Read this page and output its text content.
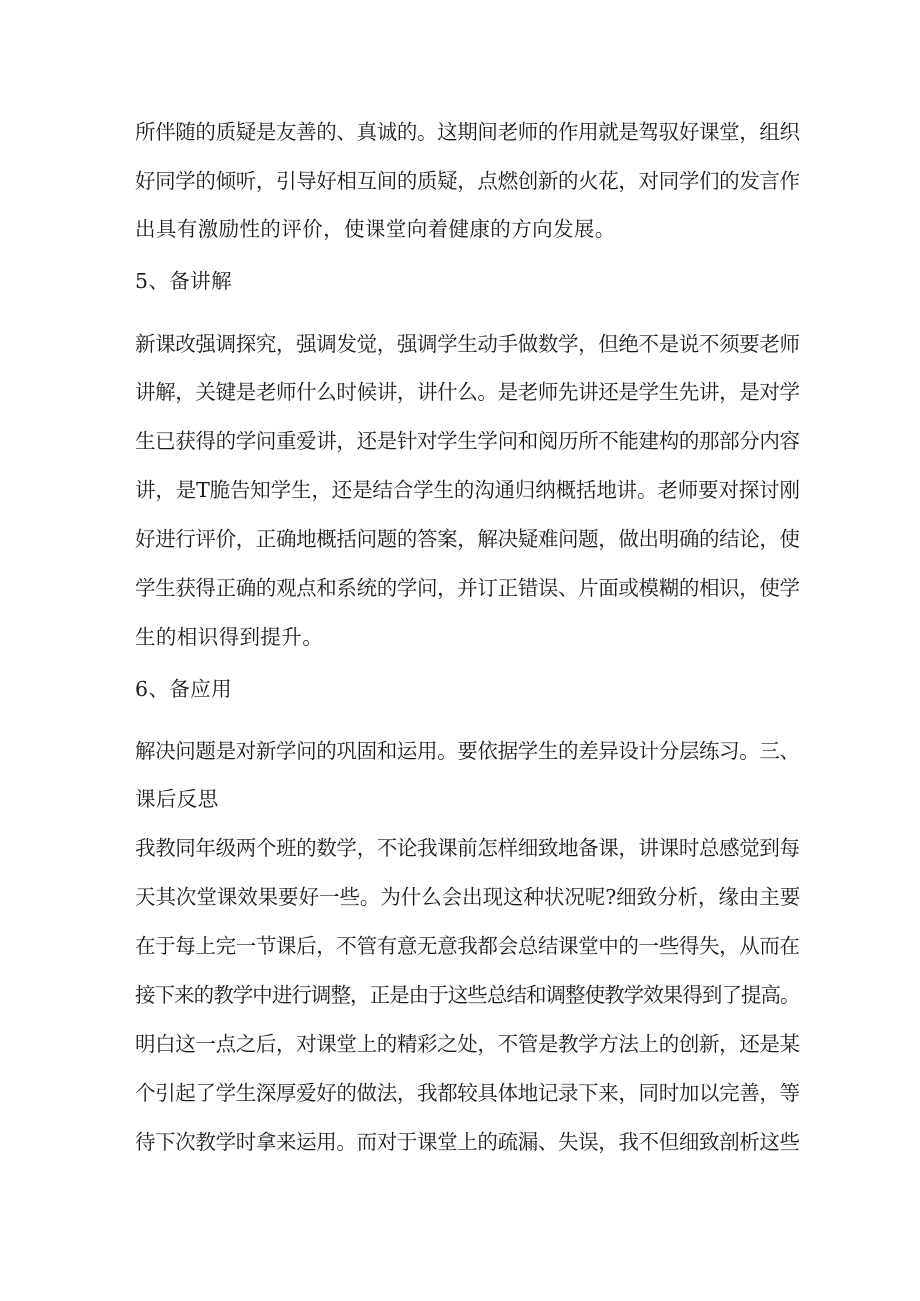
所伴随的质疑是友善的、真诚的。这期间老师的作用就是驾驭好课堂，组织
好同学的倾听，引导好相互间的质疑，点燃创新的火花，对同学们的发言作
出具有激励性的评价，使课堂向着健康的方向发展。
5、备讲解
新课改强调探究，强调发觉，强调学生动手做数学，但绝不是说不须要老师
讲解，关键是老师什么时候讲，讲什么。是老师先讲还是学生先讲，是对学
生已获得的学问重爱讲，还是针对学生学问和阅历所不能建构的那部分内容
讲，是T脆告知学生，还是结合学生的沟通归纳概括地讲。老师要对探讨刚
好进行评价，正确地概括问题的答案，解决疑难问题，做出明确的结论，使
学生获得正确的观点和系统的学问，并订正错误、片面或模糊的相识，使学
生的相识得到提升。
6、备应用
解决问题是对新学问的巩固和运用。要依据学生的差异设计分层练习。三、
课后反思
我教同年级两个班的数学，不论我课前怎样细致地备课，讲课时总感觉到每
天其次堂课效果要好一些。为什么会出现这种状况呢?细致分析，缘由主要
在于每上完一节课后，不管有意无意我都会总结课堂中的一些得失，从而在
接下来的教学中进行调整，正是由于这些总结和调整使教学效果得到了提高。
明白这一点之后，对课堂上的精彩之处，不管是教学方法上的创新，还是某
个引起了学生深厚爱好的做法，我都较具体地记录下来，同时加以完善，等
待下次教学时拿来运用。而对于课堂上的疏漏、失误，我不但细致剖析这些
